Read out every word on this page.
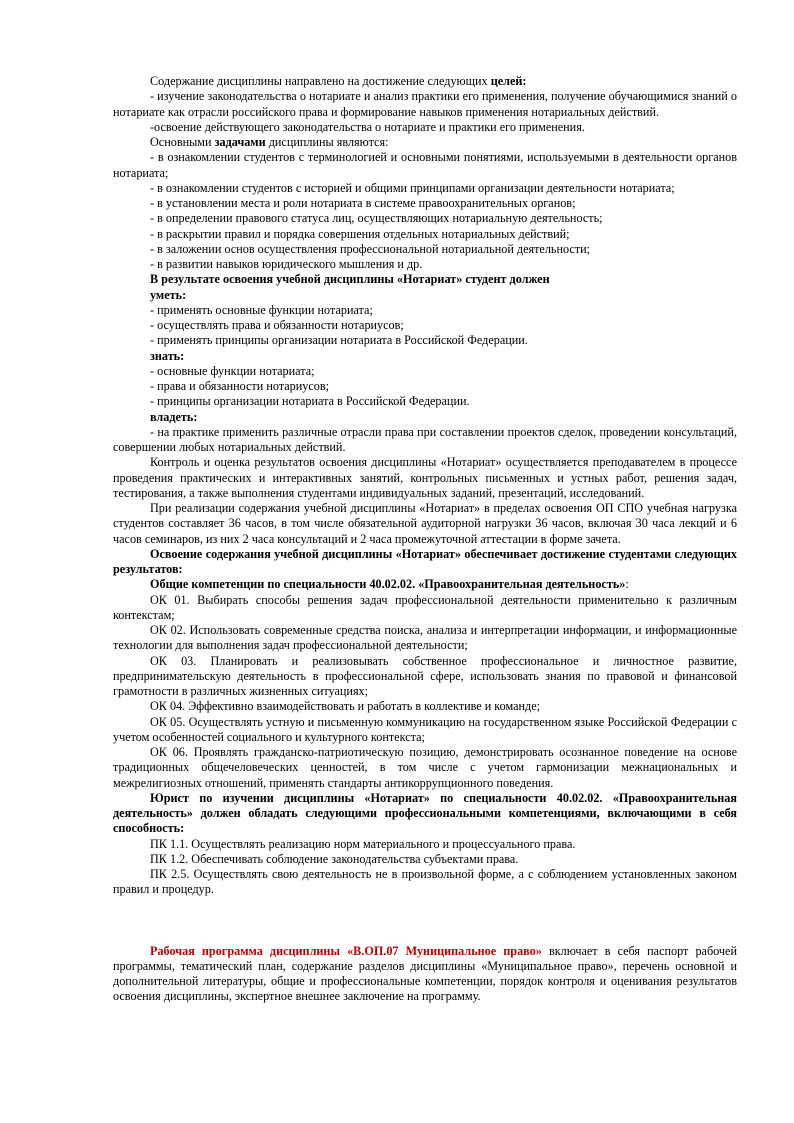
Содержание дисциплины направлено на достижение следующих целей:

- изучение законодательства о нотариате и анализ практики его применения, получение обучающимися знаний о нотариате как отрасли российского права и формирование навыков применения нотариальных действий.

-освоение действующего законодательства о нотариате и практики его применения.

Основными задачами дисциплины являются:

- в ознакомлении студентов с терминологией и основными понятиями, используемыми в деятельности органов нотариата;

- в ознакомлении студентов с историей и общими принципами организации деятельности нотариата;

- в установлении места и роли нотариата в системе правоохранительных органов;

- в определении правового статуса лиц, осуществляющих нотариальную деятельность;

- в раскрытии правил и порядка совершения отдельных нотариальных действий;

- в заложении основ осуществления профессиональной нотариальной деятельности;

- в развитии навыков юридического мышления и др.

В результате освоения учебной дисциплины «Нотариат» студент должен

уметь:

- применять основные функции нотариата;

- осуществлять права и обязанности нотариусов;

- применять принципы организации нотариата в Российской Федерации.

знать:

- основные функции нотариата;

- права и обязанности нотариусов;

- принципы организации нотариата в Российской Федерации.

владеть:

- на практике применить различные отрасли права при составлении проектов сделок, проведении консультаций, совершении любых нотариальных действий.

Контроль и оценка результатов освоения дисциплины «Нотариат» осуществляется преподавателем в процессе проведения практических и интерактивных занятий, контрольных письменных и устных работ, решения задач, тестирования, а также выполнения студентами индивидуальных заданий, презентаций, исследований.

При реализации содержания учебной дисциплины «Нотариат» в пределах освоения ОП СПО учебная нагрузка студентов составляет 36 часов, в том числе обязательной аудиторной нагрузки 36 часов, включая 30 часа лекций и 6 часов семинаров, из них 2 часа консультаций и 2 часа промежуточной аттестации в форме зачета.

Освоение содержания учебной дисциплины «Нотариат» обеспечивает достижение студентами следующих результатов:

Общие компетенции по специальности 40.02.02. «Правоохранительная деятельность»:

ОК 01. Выбирать способы решения задач профессиональной деятельности применительно к различным контекстам;

ОК 02. Использовать современные средства поиска, анализа и интерпретации информации, и информационные технологии для выполнения задач профессиональной деятельности;

ОК 03. Планировать и реализовывать собственное профессиональное и личностное развитие, предпринимательскую деятельность в профессиональной сфере, использовать знания по правовой и финансовой грамотности в различных жизненных ситуациях;

ОК 04. Эффективно взаимодействовать и работать в коллективе и команде;

ОК 05. Осуществлять устную и письменную коммуникацию на государственном языке Российской Федерации с учетом особенностей социального и культурного контекста;

ОК 06. Проявлять гражданско-патриотическую позицию, демонстрировать осознанное поведение на основе традиционных общечеловеческих ценностей, в том числе с учетом гармонизации межнациональных и межрелигиозных отношений, применять стандарты антикоррупционного поведения.

Юрист по изучении дисциплины «Нотариат» по специальности 40.02.02. «Правоохранительная деятельность» должен обладать следующими профессиональными компетенциями, включающими в себя способность:

ПК 1.1. Осуществлять реализацию норм материального и процессуального права.

ПК 1.2. Обеспечивать соблюдение законодательства субъектами права.

ПК 2.5. Осуществлять свою деятельность не в произвольной форме, а с соблюдением установленных законом правил и процедур.

Рабочая программа дисциплины «В.ОП.07 Муниципальное право» включает в себя паспорт рабочей программы, тематический план, содержание разделов дисциплины «Муниципальное право», перечень основной и дополнительной литературы, общие и профессиональные компетенции, порядок контроля и оценивания результатов освоения дисциплины, экспертное внешнее заключение на программу.
